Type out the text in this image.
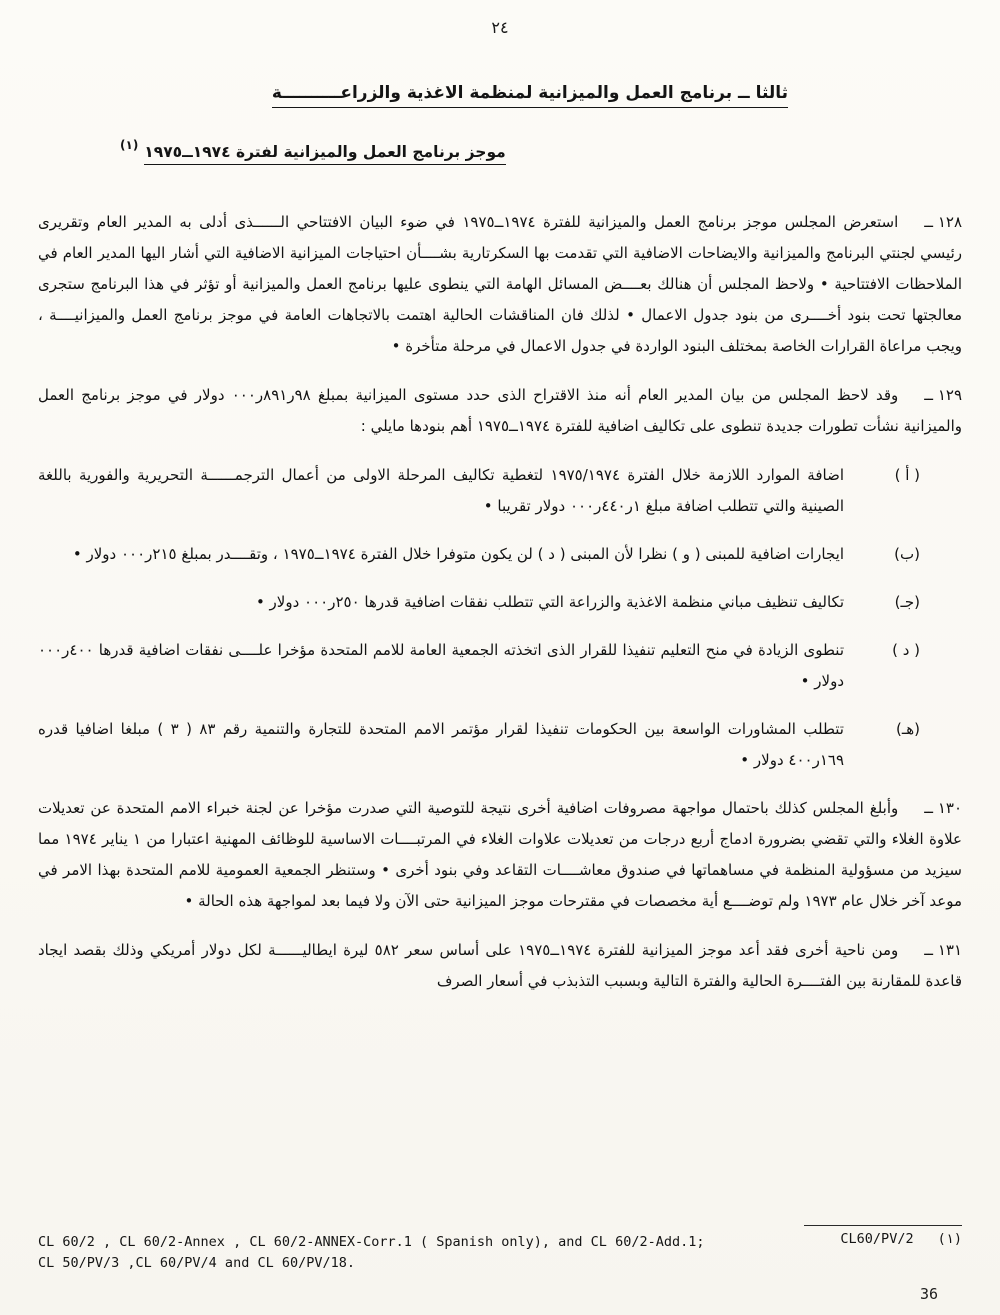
٢٤
ثالثا ــ برنامج العمل والميزانية لمنظمة الاغذية والزراعــــــــــة
موجز برنامج العمل والميزانية لفترة ١٩٧٤ــ١٩٧٥(١)

١٢٨ ــاستعرض المجلس موجز برنامج العمل والميزانية للفترة ١٩٧٤ــ١٩٧٥ في ضوء البيان الافتتاحي الــــــذى أدلى به المدير العام وتقريرى رئيسي لجنتي البرنامج والميزانية والايضاحات الاضافية التي تقدمت بها السكرتارية بشــــأن احتياجات الميزانية الاضافية التي أشار اليها المدير العام في الملاحظات الافتتاحية • ولاحظ المجلس أن هنالك بعــــض المسائل الهامة التي ينطوى عليها برنامج العمل والميزانية أو تؤثر في هذا البرنامج ستجرى معالجتها تحت بنود أخــــرى من بنود جدول الاعمال • لذلك فان المناقشات الحالية اهتمت بالاتجاهات العامة في موجز برنامج العمل والميزانيــــة ، ويجب مراعاة القرارات الخاصة بمختلف البنود الواردة في جدول الاعمال في مرحلة متأخرة •

١٢٩ ــوقد لاحظ المجلس من بيان المدير العام أنه منذ الاقتراح الذى حدد مستوى الميزانية بمبلغ ٩٨ر٨٩١ر٠٠٠ دولار في موجز برنامج العمل والميزانية نشأت تطورات جديدة تنطوى على تكاليف اضافية للفترة ١٩٧٤ــ١٩٧٥ أهم بنودها مايلي :

( أ )
اضافة الموارد اللازمة خلال الفترة ١٩٧٥/١٩٧٤ لتغطية تكاليف المرحلة الاولى من أعمال الترجمــــــة التحريرية والفورية باللغة الصينية والتي تتطلب اضافة مبلغ ١ر٤٤٠ر٠٠٠ دولار تقريبا •
(ب)
ايجارات اضافية للمبنى ( و ) نظرا لأن المبنى ( د ) لن يكون متوفرا خلال الفترة ١٩٧٤ــ١٩٧٥ ، وتقــــدر بمبلغ ٢١٥ر٠٠٠ دولار •
(جـ)
تكاليف تنظيف مباني منظمة الاغذية والزراعة التي تتطلب نفقات اضافية قدرها ٢٥٠ر٠٠٠ دولار •
( د )
تنطوى الزيادة في منح التعليم تنفيذا للقرار الذى اتخذته الجمعية العامة للامم المتحدة مؤخرا علــــى نفقات اضافية قدرها ٤٠٠ر٠٠٠ دولار •
(هـ)
تتطلب المشاورات الواسعة بين الحكومات تنفيذا لقرار مؤتمر الامم المتحدة للتجارة والتنمية رقم ٨٣ ( ٣ ) مبلغا اضافيا قدره ١٦٩ر٤٠٠ دولار •

١٣٠ ــوأبلغ المجلس كذلك باحتمال مواجهة مصروفات اضافية أخرى نتيجة للتوصية التي صدرت مؤخرا عن لجنة خبراء الامم المتحدة عن تعديلات علاوة الغلاء والتي تقضي بضرورة ادماج أربع درجات من تعديلات علاوات الغلاء في المرتبــــات الاساسية للوظائف المهنية اعتبارا من ١ يناير ١٩٧٤ مما سيزيد من مسؤولية المنظمة في مساهماتها في صندوق معاشــــات التقاعد وفي بنود أخرى • وستنظر الجمعية العمومية للامم المتحدة بهذا الامر في موعد آخر خلال عام ١٩٧٣ ولم توضــــع أية مخصصات في مقترحات موجز الميزانية حتى الآن ولا فيما بعد لمواجهة هذه الحالة •

١٣١ ــومن ناحية أخرى فقد أعد موجز الميزانية للفترة ١٩٧٤ــ١٩٧٥ على أساس سعر ٥٨٢ ليرة ايطاليــــــة لكل دولار أمريكي وذلك بقصد ايجاد قاعدة للمقارنة بين الفتــــرة الحالية والفترة التالية وبسبب التذبذب في أسعار الصرف

CL 60/2 , CL 60/2-Annex , CL 60/2-ANNEX-Corr.1 ( Spanish only), and CL 60/2-Add.1;	CL60/PV/2 (١)
CL 50/PV/3 ,CL 60/PV/4 and CL 60/PV/18.
36
